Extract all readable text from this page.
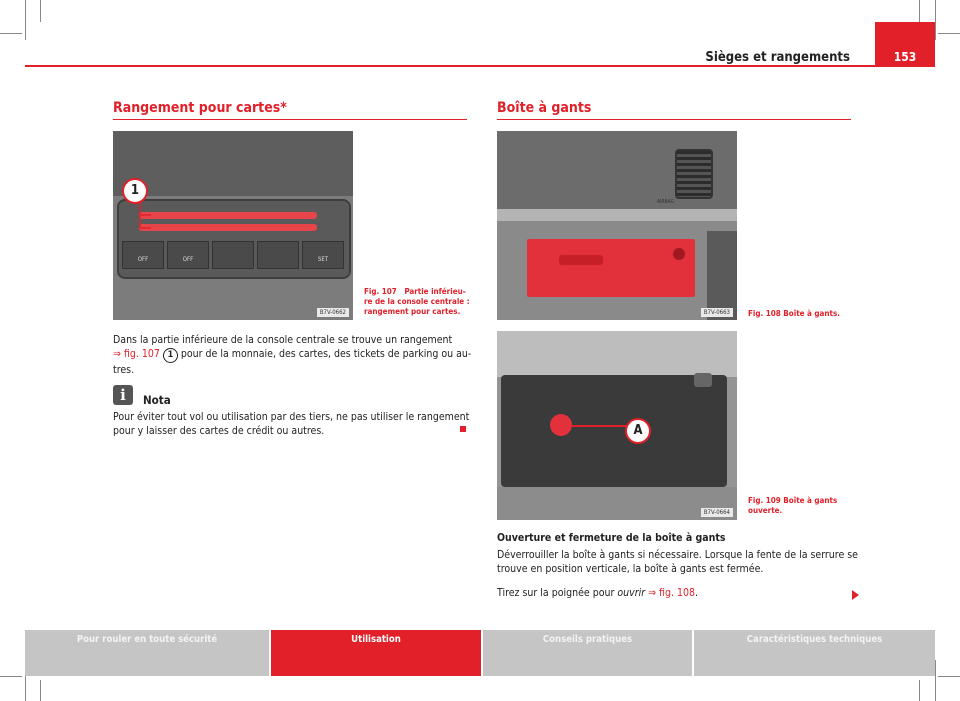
Sièges et rangements	153
Rangement pour cartes*
1
OFF	OFF	SET
B7V-0662
Fig. 107 Partie inférieu-
re de la console centrale :
rangement pour cartes.
Dans la partie inférieure de la console centrale se trouve un rangement
⇒ fig. 107 1 pour de la monnaie, des cartes, des tickets de parking ou au-
tres.
i	Nota
Pour éviter tout vol ou utilisation par des tiers, ne pas utiliser le rangement
pour y laisser des cartes de crédit ou autres.
Boîte à gants
AIRBAG
B7V-0663	Fig. 108 Boîte à gants.
A
B7V-0664
Fig. 109 Boîte à gants
ouverte.
Ouverture et fermeture de la boîte à gants
Déverrouiller la boîte à gants si nécessaire. Lorsque la fente de la serrure se
trouve en position verticale, la boîte à gants est fermée.
Tirez sur la poignée pour ouvrir ⇒ fig. 108.
Pour rouler en toute sécurité	Utilisation	Conseils pratiques	Caractéristiques techniques
